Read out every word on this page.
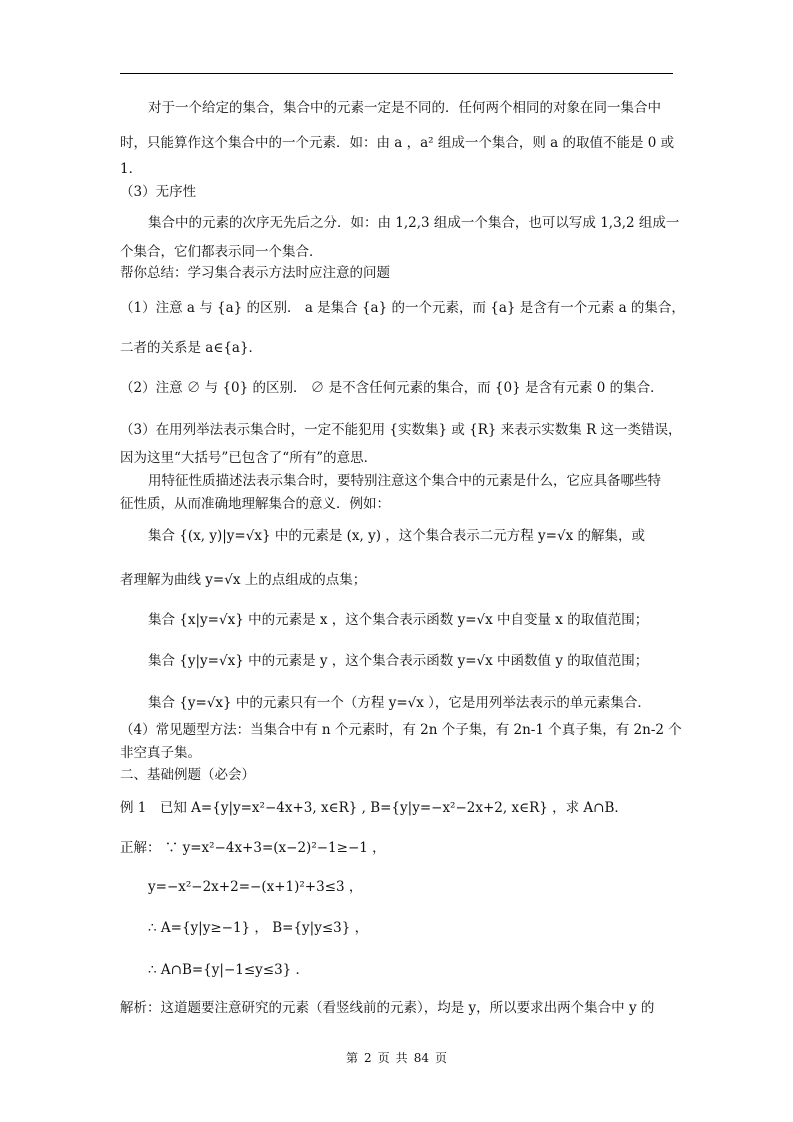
对于一个给定的集合，集合中的元素一定是不同的．任何两个相同的对象在同一集合中
时，只能算作这个集合中的一个元素．如：由 a ，a² 组成一个集合，则 a 的取值不能是 0 或
1．
（3）无序性
集合中的元素的次序无先后之分．如：由 1,2,3 组成一个集合，也可以写成 1,3,2 组成一
个集合，它们都表示同一个集合．
帮你总结：学习集合表示方法时应注意的问题
（1）注意 a 与 {a} 的区别． a 是集合 {a} 的一个元素，而 {a} 是含有一个元素 a 的集合，
二者的关系是 a∈{a}．
（2）注意 ∅ 与 {0} 的区别． ∅ 是不含任何元素的集合，而 {0} 是含有元素 0 的集合．
（3）在用列举法表示集合时，一定不能犯用 {实数集} 或 {R} 来表示实数集 R 这一类错误，
因为这里“大括号”已包含了“所有”的意思．
用特征性质描述法表示集合时，要特别注意这个集合中的元素是什么，它应具备哪些特
征性质，从而准确地理解集合的意义．例如：
集合 {(x, y)|y=√x} 中的元素是 (x, y) ，这个集合表示二元方程 y=√x 的解集，或
者理解为曲线 y=√x 上的点组成的点集；
集合 {x|y=√x} 中的元素是 x ，这个集合表示函数 y=√x 中自变量 x 的取值范围；
集合 {y|y=√x} 中的元素是 y ，这个集合表示函数 y=√x 中函数值 y 的取值范围；
集合 {y=√x} 中的元素只有一个（方程 y=√x ），它是用列举法表示的单元素集合．
（4）常见题型方法：当集合中有 n 个元素时，有 2n 个子集，有 2n-1 个真子集，有 2n-2 个
非空真子集。
二、基础例题（必会）
例 1　已知 A={y|y=x²−4x+3, x∈R} , B={y|y=−x²−2x+2, x∈R} ，求 A∩B．
正解： ∵ y=x²−4x+3=(x−2)²−1≥−1 ，
y=−x²−2x+2=−(x+1)²+3≤3 ，
∴ A={y|y≥−1} ， B={y|y≤3} ，
∴ A∩B={y|−1≤y≤3} ．
解析：这道题要注意研究的元素（看竖线前的元素），均是 y，所以要求出两个集合中 y 的
第 2 页 共 84 页
